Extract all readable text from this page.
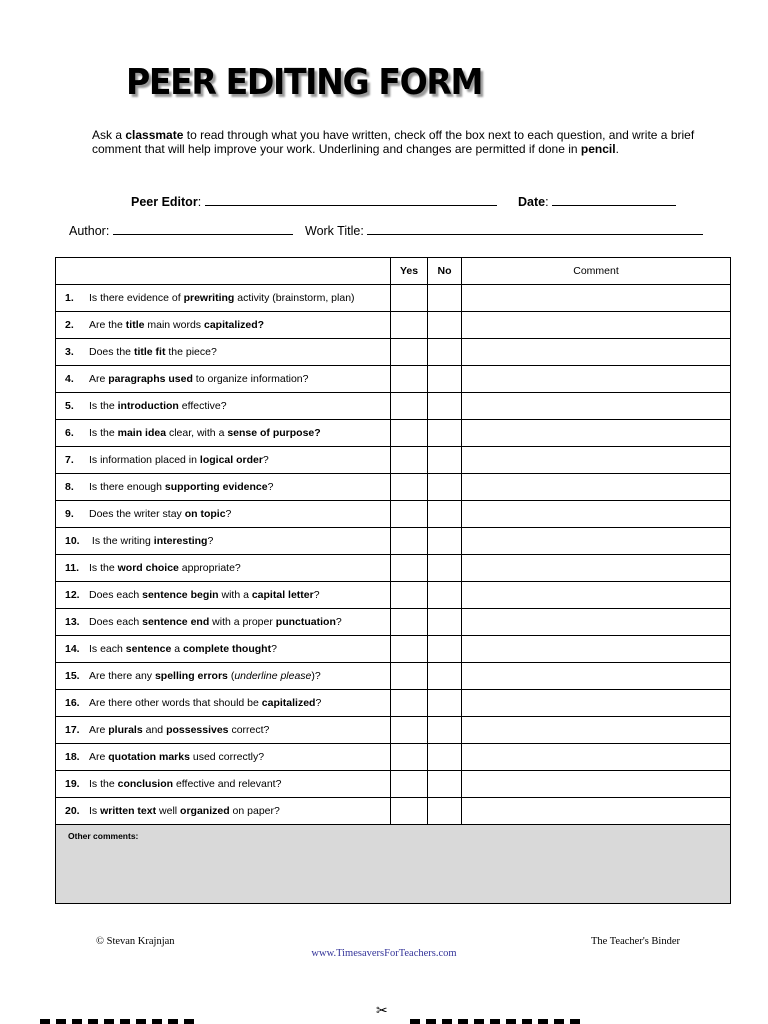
PEER EDITING FORM
Ask a classmate to read through what you have written, check off the box next to each question, and write a brief comment that will help improve your work. Underlining and changes are permitted if done in pencil.
Peer Editor:	Date:
Author:	Work Title:
	Yes	No	Comment
1. Is there evidence of prewriting activity (brainstorm, plan)			
2. Are the title main words capitalized?			
3. Does the title fit the piece?			
4. Are paragraphs used to organize information?			
5. Is the introduction effective?			
6. Is the main idea clear, with a sense of purpose?			
7. Is information placed in logical order?			
8. Is there enough supporting evidence?			
9. Does the writer stay on topic?			
10. Is the writing interesting?			
11. Is the word choice appropriate?			
12. Does each sentence begin with a capital letter?			
13. Does each sentence end with a proper punctuation?			
14. Is each sentence a complete thought?			
15. Are there any spelling errors (underline please)?			
16. Are there other words that should be capitalized?			
17. Are plurals and possessives correct?			
18. Are quotation marks used correctly?			
19. Is the conclusion effective and relevant?			
20. Is written text well organized on paper?			
Other comments:			
© Stevan Krajnjan	The Teacher's Binder
www.TimesaversForTeachers.com
✂
